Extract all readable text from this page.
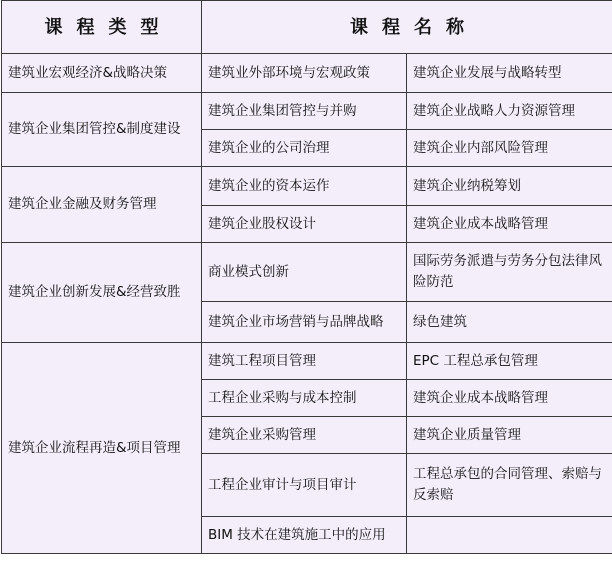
课程类型	课程名称	
建筑业宏观经济&战略决策	建筑业外部环境与宏观政策	建筑企业发展与战略转型
建筑企业集团管控&制度建设	建筑企业集团管控与并购	建筑企业战略人力资源管理
	建筑企业的公司治理	建筑企业内部风险管理
建筑企业金融及财务管理	建筑企业的资本运作	建筑企业纳税筹划
	建筑企业股权设计	建筑企业成本战略管理
建筑企业创新发展&经营致胜	商业模式创新	国际劳务派遣与劳务分包法律风险防范
	建筑企业市场营销与品牌战略	绿色建筑
建筑企业流程再造&项目管理	建筑工程项目管理	EPC 工程总承包管理
	工程企业采购与成本控制	建筑企业成本战略管理
	建筑企业采购管理	建筑企业质量管理
	工程企业审计与项目审计	工程总承包的合同管理、索赔与反索赔
	BIM 技术在建筑施工中的应用	
